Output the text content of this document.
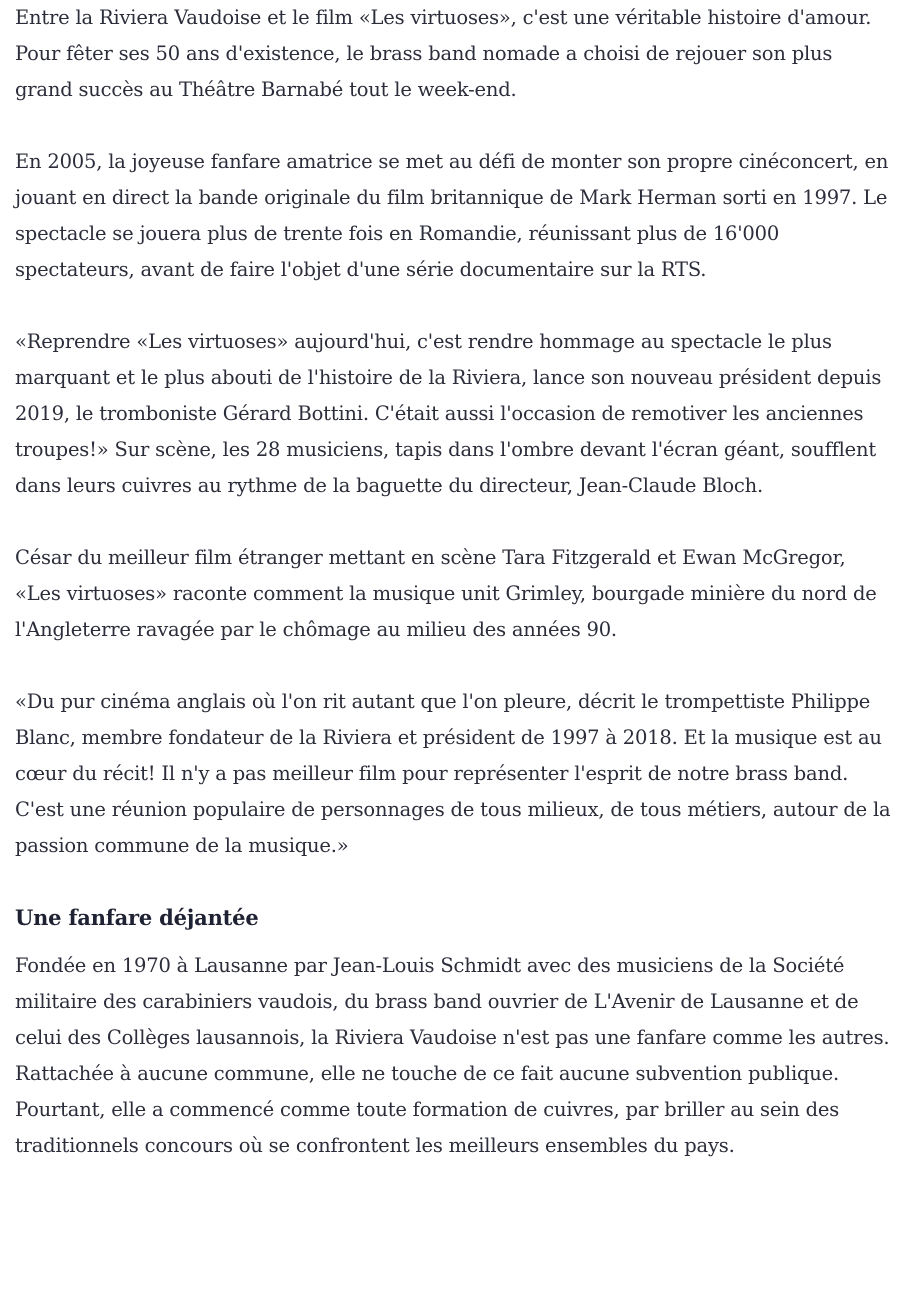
Entre la Riviera Vaudoise et le film «Les virtuoses», c'est une véritable histoire d'amour. Pour fêter ses 50 ans d'existence, le brass band nomade a choisi de rejouer son plus grand succès au Théâtre Barnabé tout le week-end.

En 2005, la joyeuse fanfare amatrice se met au défi de monter son propre cinéconcert, en jouant en direct la bande originale du film britannique de Mark Herman sorti en 1997. Le spectacle se jouera plus de trente fois en Romandie, réunissant plus de 16'000 spectateurs, avant de faire l'objet d'une série documentaire sur la RTS.

«Reprendre «Les virtuoses» aujourd'hui, c'est rendre hommage au spectacle le plus marquant et le plus abouti de l'histoire de la Riviera, lance son nouveau président depuis 2019, le tromboniste Gérard Bottini. C'était aussi l'occasion de remotiver les anciennes troupes!» Sur scène, les 28 musiciens, tapis dans l'ombre devant l'écran géant, soufflent dans leurs cuivres au rythme de la baguette du directeur, Jean-Claude Bloch.

César du meilleur film étranger mettant en scène Tara Fitzgerald et Ewan McGregor, «Les virtuoses» raconte comment la musique unit Grimley, bourgade minière du nord de l'Angleterre ravagée par le chômage au milieu des années 90.

«Du pur cinéma anglais où l'on rit autant que l'on pleure, décrit le trompettiste Philippe Blanc, membre fondateur de la Riviera et président de 1997 à 2018. Et la musique est au cœur du récit! Il n'y a pas meilleur film pour représenter l'esprit de notre brass band. C'est une réunion populaire de personnages de tous milieux, de tous métiers, autour de la passion commune de la musique.»

Une fanfare déjantée

Fondée en 1970 à Lausanne par Jean-Louis Schmidt avec des musiciens de la Société militaire des carabiniers vaudois, du brass band ouvrier de L'Avenir de Lausanne et de celui des Collèges lausannois, la Riviera Vaudoise n'est pas une fanfare comme les autres. Rattachée à aucune commune, elle ne touche de ce fait aucune subvention publique. Pourtant, elle a commencé comme toute formation de cuivres, par briller au sein des traditionnels concours où se confrontent les meilleurs ensembles du pays.
